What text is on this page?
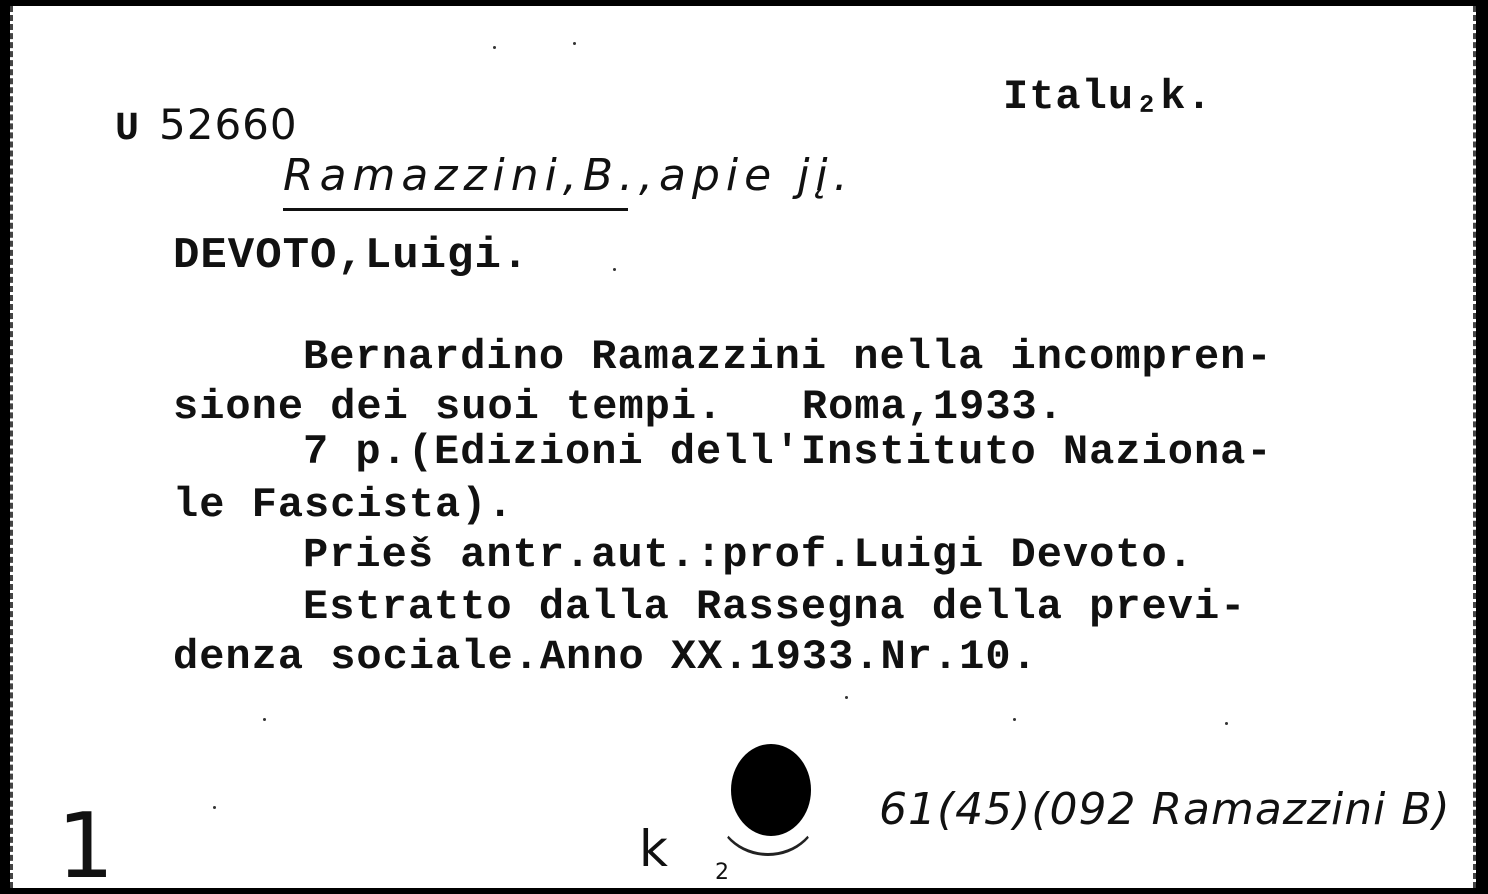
U 52660
Italu₂k.
Ramazzini,B.,apie jį.
DEVOTO,Luigi.
Bernardino Ramazzini nella incompren-
sione dei suoi tempi.   Roma,1933.
7 p.(Edizioni dell'Instituto Naziona-
le Fascista).
Prieš antr.aut.:prof.Luigi Devoto.
Estratto dalla Rassegna della previ-
denza sociale.Anno XX.1933.Nr.10.
61(45)(092 Ramazzini B)
1	k 2
